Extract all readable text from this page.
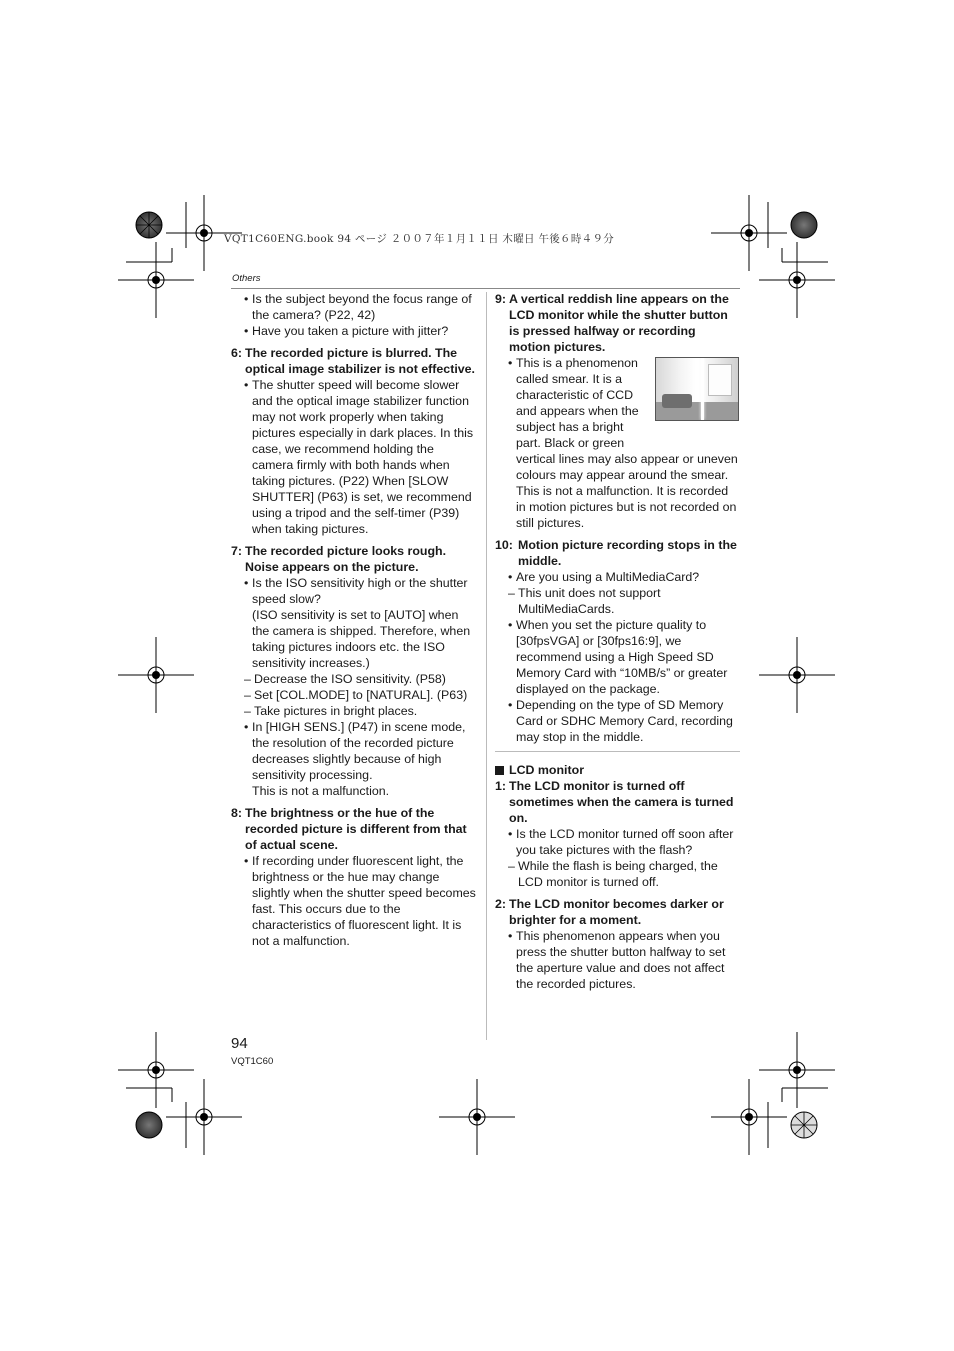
VQT1C60ENG.book 94 ページ ２００７年１月１１日 木曜日 午後６時４９分
Others
• Is the subject beyond the focus range of the camera? (P22, 42)
• Have you taken a picture with jitter?
6: The recorded picture is blurred. The optical image stabilizer is not effective.
• The shutter speed will become slower and the optical image stabilizer function may not work properly when taking pictures especially in dark places. In this case, we recommend holding the camera firmly with both hands when taking pictures. (P22) When [SLOW SHUTTER] (P63) is set, we recommend using a tripod and the self-timer (P39) when taking pictures.
7: The recorded picture looks rough. Noise appears on the picture.
• Is the ISO sensitivity high or the shutter speed slow?
(ISO sensitivity is set to [AUTO] when the camera is shipped. Therefore, when taking pictures indoors etc. the ISO sensitivity increases.)
– Decrease the ISO sensitivity. (P58)
– Set [COL.MODE] to [NATURAL]. (P63)
– Take pictures in bright places.
• In [HIGH SENS.] (P47) in scene mode, the resolution of the recorded picture decreases slightly because of high sensitivity processing.
This is not a malfunction.
8: The brightness or the hue of the recorded picture is different from that of actual scene.
• If recording under fluorescent light, the brightness or the hue may change slightly when the shutter speed becomes fast. This occurs due to the characteristics of fluorescent light. It is not a malfunction.
9: A vertical reddish line appears on the LCD monitor while the shutter button is pressed halfway or recording motion pictures.
• This is a phenomenon
called smear. It is a
characteristic of CCD
and appears when the
subject has a bright
part. Black or green
vertical lines may also appear or uneven colours may appear around the smear. This is not a malfunction. It is recorded in motion pictures but is not recorded on still pictures.
10: Motion picture recording stops in the middle.
• Are you using a MultiMediaCard?
– This unit does not support MultiMediaCards.
• When you set the picture quality to [30fpsVGA] or [30fps16:9], we recommend using a High Speed SD Memory Card with “10MB/s” or greater displayed on the package.
• Depending on the type of SD Memory Card or SDHC Memory Card, recording may stop in the middle.
LCD monitor
1: The LCD monitor is turned off sometimes when the camera is turned on.
• Is the LCD monitor turned off soon after you take pictures with the flash?
– While the flash is being charged, the LCD monitor is turned off.
2: The LCD monitor becomes darker or brighter for a moment.
• This phenomenon appears when you press the shutter button halfway to set the aperture value and does not affect the recorded pictures.
94
VQT1C60
